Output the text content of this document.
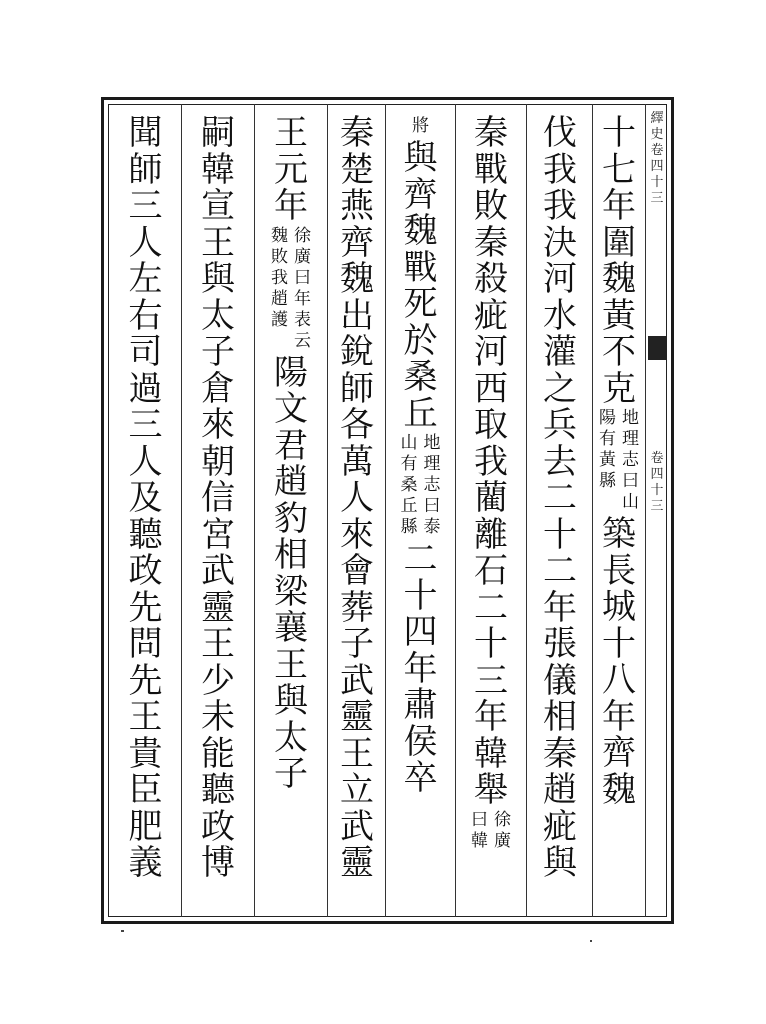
繹
史
卷
四
十
三
卷
四
十
三
十
七
年
圍
魏
黃
不
克
地
理
志
曰
山
陽
有
黃
縣
築
長
城
十
八
年
齊
魏
伐
我
我
決
河
水
灌
之
兵
去
二
十
二
年
張
儀
相
秦
趙
疵
與
秦
戰
敗
秦
殺
疵
河
西
取
我
藺
離
石
二
十
三
年
韓
舉
徐
廣
曰
韓
將
與
齊
魏
戰
死
於
桑
丘
地
理
志
曰
泰
山
有
桑
丘
縣
二
十
四
年
肅
侯
卒
秦
楚
燕
齊
魏
出
銳
師
各
萬
人
來
會
葬
子
武
靈
王
立
武
靈
王
元
年
徐
廣
曰
年
表
云
魏
敗
我
趙
護
陽
文
君
趙
豹
相
梁
襄
王
與
太
子
嗣
韓
宣
王
與
太
子
倉
來
朝
信
宮
武
靈
王
少
未
能
聽
政
博
聞
師
三
人
左
右
司
過
三
人
及
聽
政
先
問
先
王
貴
臣
肥
義
